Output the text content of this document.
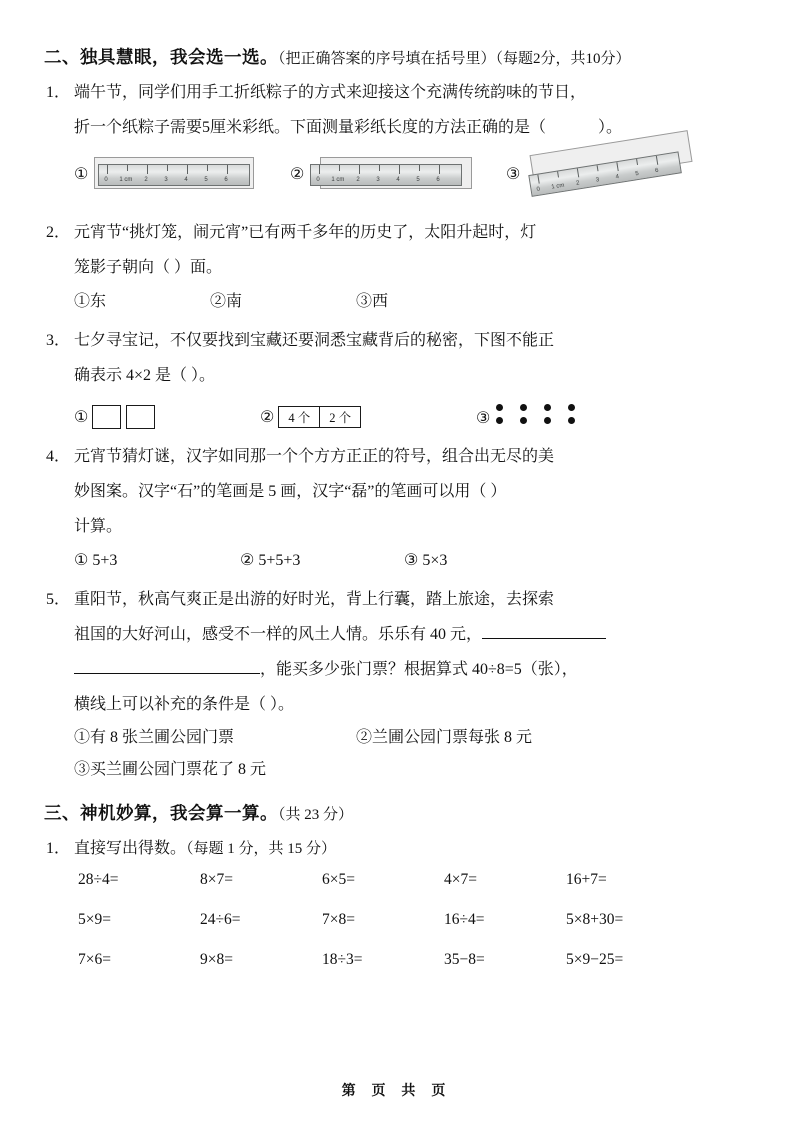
二、独具慧眼，我会选一选。（把正确答案的序号填在括号里）（每题2分，共10分）
1． 端午节，同学们用手工折纸粽子的方式来迎接这个充满传统韵味的节日，
折一个纸粽子需要5厘米彩纸。下面测量彩纸长度的方法正确的是（	）。
①	0 1 cm 2	3	4	5	6	② 0 1 cm 2	3	4	5	6	③
0 1 cm 2	3	4	5	6
2． 元宵节“挑灯笼，闹元宵”已有两千多年的历史了，太阳升起时，灯
笼影子朝向（ ）面。
①东	②南	③西
3． 七夕寻宝记，不仅要找到宝藏还要洞悉宝藏背后的秘密，下图不能正
确表示 4×2 是（ ）。
①	② 4 个	2 个	③
4． 元宵节猜灯谜，汉字如同那一个个方方正正的符号，组合出无尽的美
妙图案。汉字“石”的笔画是 5 画，汉字“磊”的笔画可以用（ ）
计算。
① 5+3	② 5+5+3	③ 5×3
5． 重阳节，秋高气爽正是出游的好时光，背上行囊，踏上旅途，去探索
祖国的大好河山，感受不一样的风土人情。乐乐有 40 元，
，能买多少张门票？根据算式 40÷8=5（张），
横线上可以补充的条件是（ ）。
①有 8 张兰圃公园门票	②兰圃公园门票每张 8 元
③买兰圃公园门票花了 8 元
三、神机妙算，我会算一算。（共 23 分）
1． 直接写出得数。（每题 1 分，共 15 分）
28÷4=	8×7=	6×5=	4×7=	16+7=
5×9=	24÷6=	7×8=	16÷4=	5×8+30=
7×6=	9×8=	18÷3=	35−8=	5×9−25=
第 页 共 页
